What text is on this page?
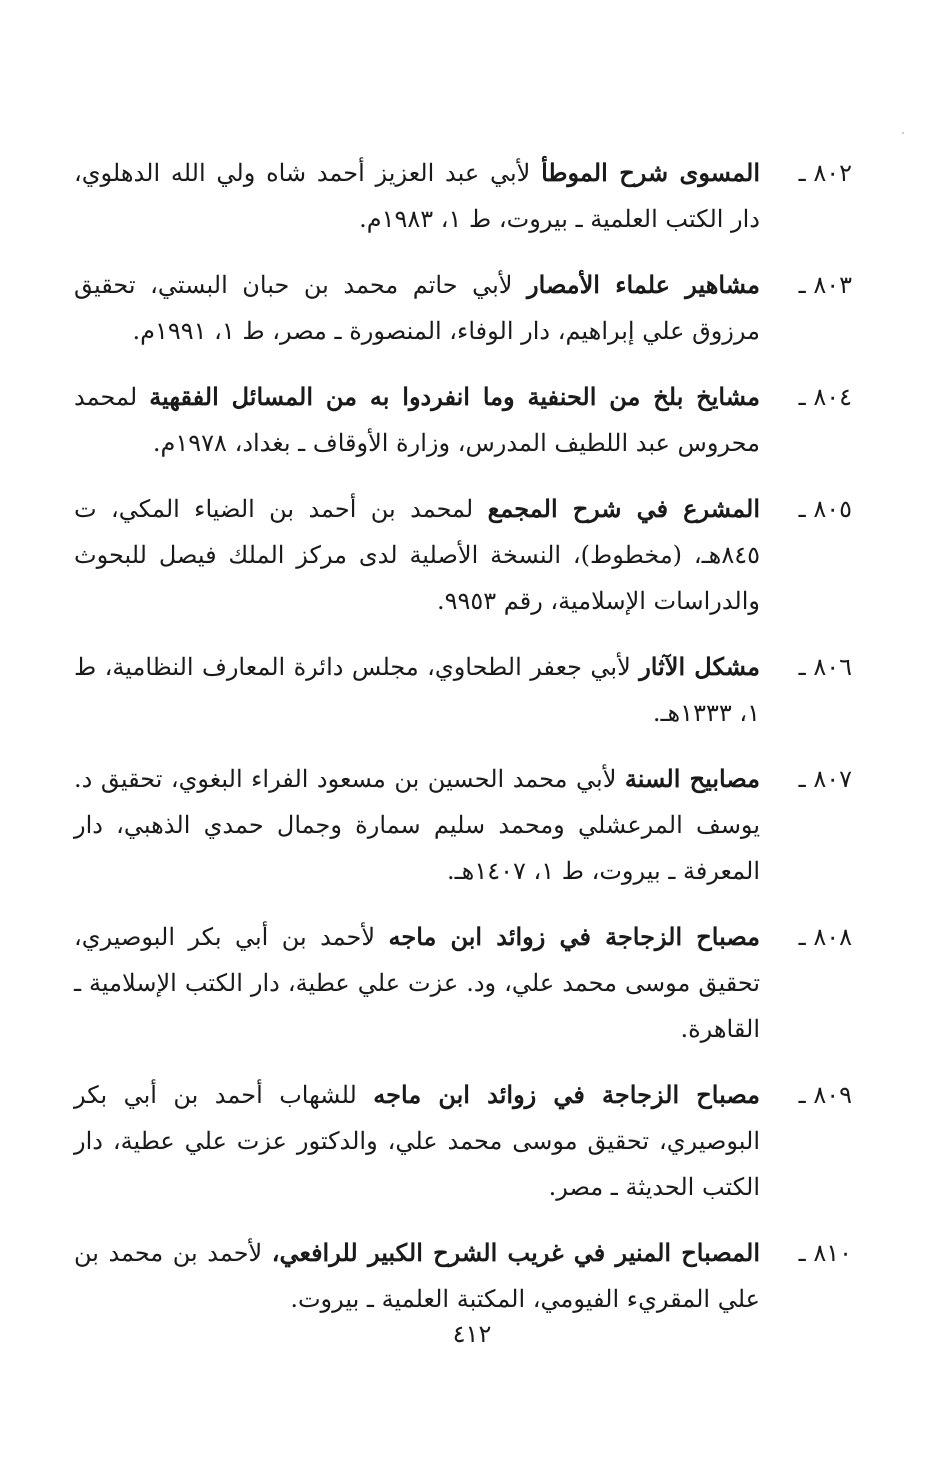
٨٠٢ ـ
المسوى شرح الموطأ لأبي عبد العزيز أحمد شاه ولي الله الدهلوي، دار الكتب العلمية ـ بيروت، ط ١، ١٩٨٣م.
٨٠٣ ـ
مشاهير علماء الأمصار لأبي حاتم محمد بن حبان البستي، تحقيق مرزوق علي إبراهيم، دار الوفاء، المنصورة ـ مصر، ط ١، ١٩٩١م.
٨٠٤ ـ
مشايخ بلخ من الحنفية وما انفردوا به من المسائل الفقهية لمحمد محروس عبد اللطيف المدرس، وزارة الأوقاف ـ بغداد، ١٩٧٨م.
٨٠٥ ـ
المشرع في شرح المجمع لمحمد بن أحمد بن الضياء المكي، ت ٨٤٥هـ، (مخطوط)، النسخة الأصلية لدى مركز الملك فيصل للبحوث والدراسات الإسلامية، رقم ٩٩٥٣.
٨٠٦ ـ
مشكل الآثار لأبي جعفر الطحاوي، مجلس دائرة المعارف النظامية، ط ١، ١٣٣٣هـ.
٨٠٧ ـ
مصابيح السنة لأبي محمد الحسين بن مسعود الفراء البغوي، تحقيق د. يوسف المرعشلي ومحمد سليم سمارة وجمال حمدي الذهبي، دار المعرفة ـ بيروت، ط ١، ١٤٠٧هـ.
٨٠٨ ـ
مصباح الزجاجة في زوائد ابن ماجه لأحمد بن أبي بكر البوصيري، تحقيق موسى محمد علي، ود. عزت علي عطية، دار الكتب الإسلامية ـ القاهرة.
٨٠٩ ـ
مصباح الزجاجة في زوائد ابن ماجه للشهاب أحمد بن أبي بكر البوصيري، تحقيق موسى محمد علي، والدكتور عزت علي عطية، دار الكتب الحديثة ـ مصر.
٨١٠ ـ
المصباح المنير في غريب الشرح الكبير للرافعي، لأحمد بن محمد بن علي المقريء الفيومي، المكتبة العلمية ـ بيروت.
٤١٢
